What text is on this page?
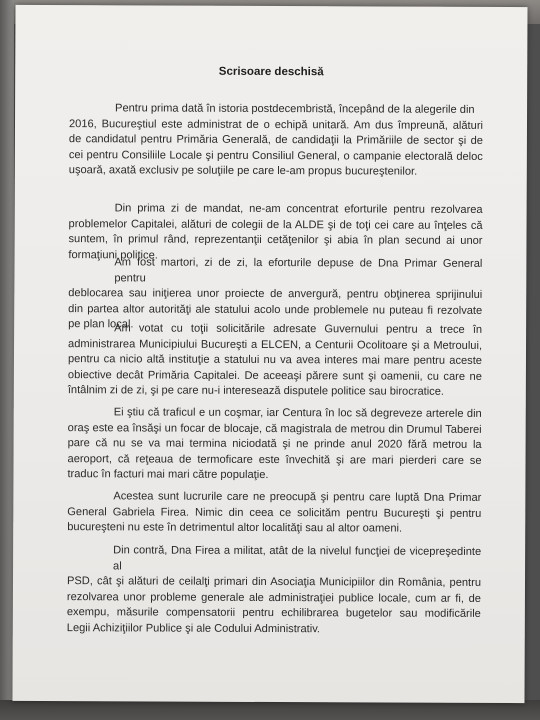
Scrisoare deschisă
Pentru prima dată în istoria postdecembristă, începând de la alegerile din
2016, Bucureştiul este administrat de o echipă unitară. Am dus împreună, alături
de candidatul pentru Primăria Generală, de candidaţii la Primăriile de sector şi de
cei pentru Consiliile Locale şi pentru Consiliul General, o campanie electorală deloc
uşoară, axată exclusiv pe soluţiile pe care le-am propus bucureştenilor.
Din prima zi de mandat, ne-am concentrat eforturile pentru rezolvarea
problemelor Capitalei, alături de colegii de la ALDE şi de toţi cei care au înţeles că
suntem, în primul rând, reprezentanţii cetăţenilor şi abia în plan secund ai unor
formaţiuni politice.
Am fost martori, zi de zi, la eforturile depuse de Dna Primar General pentru
deblocarea sau iniţierea unor proiecte de anvergură, pentru obţinerea sprijinului
din partea altor autorităţi ale statului acolo unde problemele nu puteau fi rezolvate
pe plan local.
Am votat cu toţii solicitările adresate Guvernului pentru a trece în
administrarea Municipiului Bucureşti a ELCEN, a Centurii Ocolitoare şi a Metroului,
pentru ca nicio altă instituţie a statului nu va avea interes mai mare pentru aceste
obiective decât Primăria Capitalei. De aceeaşi părere sunt şi oamenii, cu care ne
întâlnim zi de zi, şi pe care nu-i interesează disputele politice sau birocratice.
Ei ştiu că traficul e un coşmar, iar Centura în loc să degreveze arterele din
oraş este ea însăşi un focar de blocaje, că magistrala de metrou din Drumul Taberei
pare că nu se va mai termina niciodată şi ne prinde anul 2020 fără metrou la
aeroport, că reţeaua de termoficare este învechită şi are mari pierderi care se
traduc în facturi mai mari către populaţie.
Acestea sunt lucrurile care ne preocupă şi pentru care luptă Dna Primar
General Gabriela Firea. Nimic din ceea ce solicităm pentru Bucureşti şi pentru
bucureşteni nu este în detrimentul altor localităţi sau al altor oameni.
Din contră, Dna Firea a militat, atât de la nivelul funcţiei de vicepreşedinte al
PSD, cât şi alături de ceilalţi primari din Asociaţia Municipiilor din România, pentru
rezolvarea unor probleme generale ale administraţiei publice locale, cum ar fi, de
exempu, măsurile compensatorii pentru echilibrarea bugetelor sau modificările
Legii Achiziţiilor Publice şi ale Codului Administrativ.
